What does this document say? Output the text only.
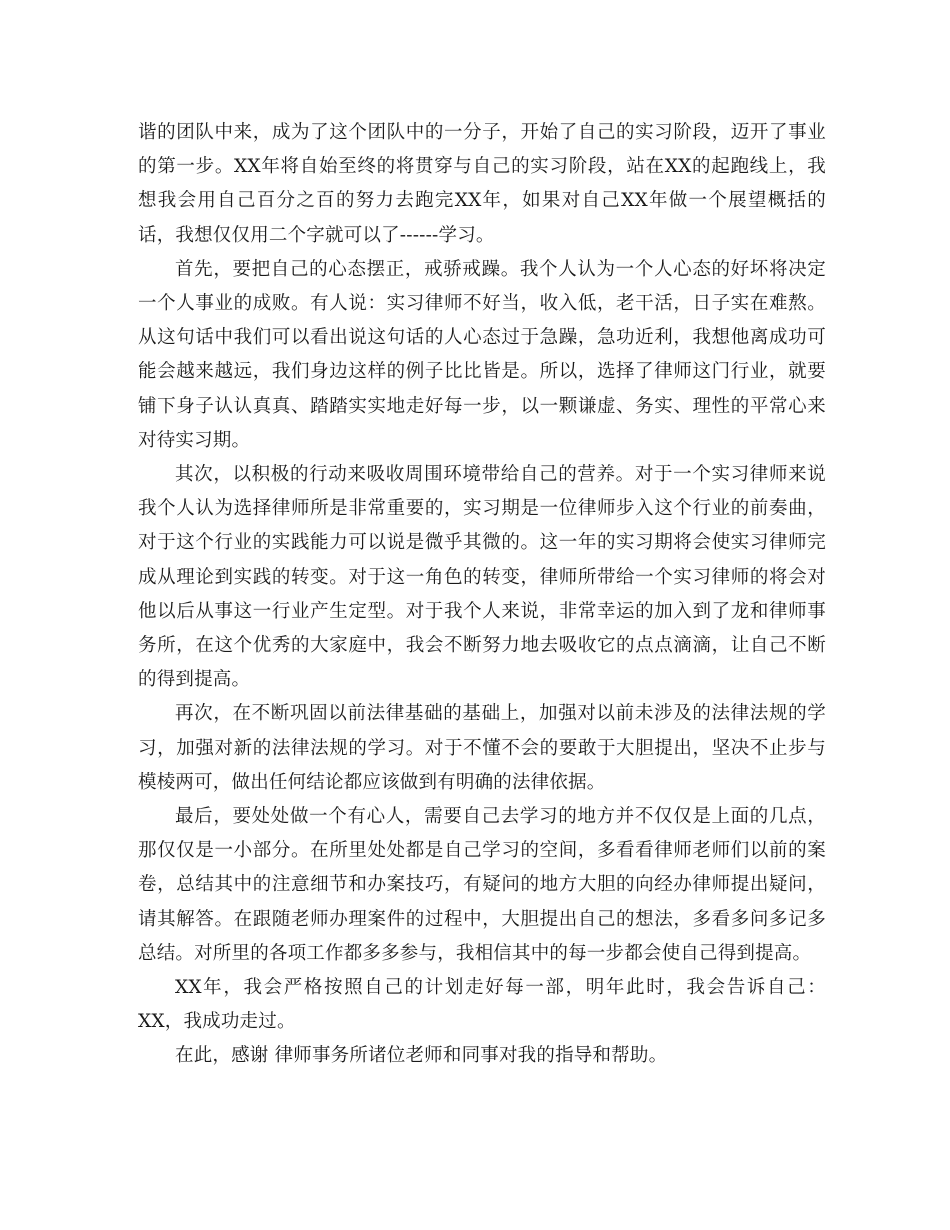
谐的团队中来，成为了这个团队中的一分子，开始了自己的实习阶段，迈开了事业的第一步。XX年将自始至终的将贯穿与自己的实习阶段，站在XX的起跑线上，我想我会用自己百分之百的努力去跑完XX年，如果对自己XX年做一个展望概括的话，我想仅仅用二个字就可以了------学习。

首先，要把自己的心态摆正，戒骄戒躁。我个人认为一个人心态的好坏将决定一个人事业的成败。有人说：实习律师不好当，收入低，老干活，日子实在难熬。从这句话中我们可以看出说这句话的人心态过于急躁，急功近利，我想他离成功可能会越来越远，我们身边这样的例子比比皆是。所以，选择了律师这门行业，就要铺下身子认认真真、踏踏实实地走好每一步，以一颗谦虚、务实、理性的平常心来对待实习期。

其次，以积极的行动来吸收周围环境带给自己的营养。对于一个实习律师来说我个人认为选择律师所是非常重要的，实习期是一位律师步入这个行业的前奏曲，对于这个行业的实践能力可以说是微乎其微的。这一年的实习期将会使实习律师完成从理论到实践的转变。对于这一角色的转变，律师所带给一个实习律师的将会对他以后从事这一行业产生定型。对于我个人来说，非常幸运的加入到了龙和律师事务所，在这个优秀的大家庭中，我会不断努力地去吸收它的点点滴滴，让自己不断的得到提高。

再次，在不断巩固以前法律基础的基础上，加强对以前未涉及的法律法规的学习，加强对新的法律法规的学习。对于不懂不会的要敢于大胆提出，坚决不止步与模棱两可，做出任何结论都应该做到有明确的法律依据。

最后，要处处做一个有心人，需要自己去学习的地方并不仅仅是上面的几点，那仅仅是一小部分。在所里处处都是自己学习的空间，多看看律师老师们以前的案卷，总结其中的注意细节和办案技巧，有疑问的地方大胆的向经办律师提出疑问，请其解答。在跟随老师办理案件的过程中，大胆提出自己的想法，多看多问多记多总结。对所里的各项工作都多多参与，我相信其中的每一步都会使自己得到提高。

XX年，我会严格按照自己的计划走好每一部，明年此时，我会告诉自己：XX，我成功走过。

在此，感谢 律师事务所诸位老师和同事对我的指导和帮助。
